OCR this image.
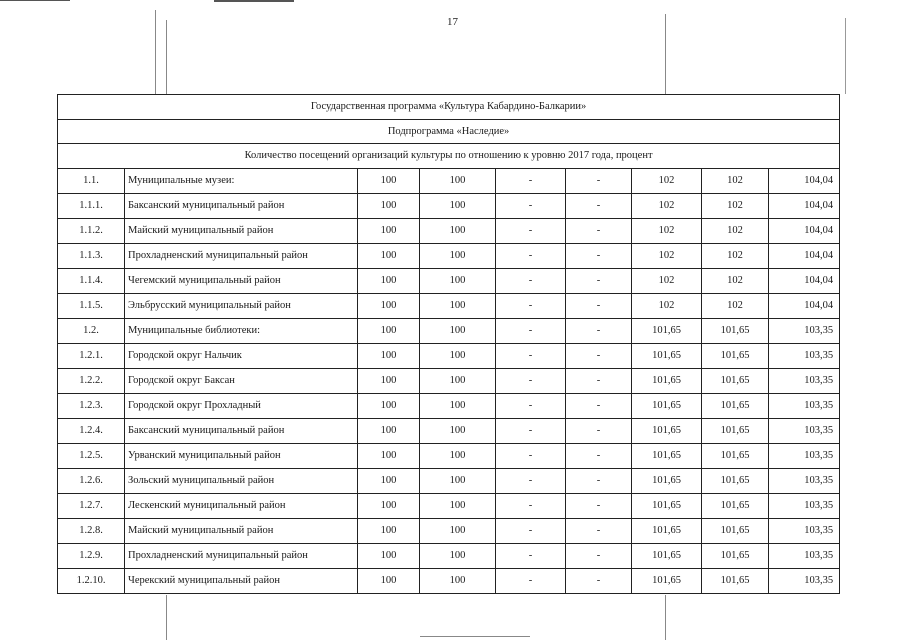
17
Государственная программа «Культура Кабардино-Балкарии»								
Подпрограмма «Наследие»								
Количество посещений организаций культуры по отношению к уровню 2017 года, процент								
1.1.	Муниципальные музеи:	100	100	-	-	102	102	104,04
1.1.1.	Баксанский муниципальный район	100	100	-	-	102	102	104,04
1.1.2.	Майский муниципальный район	100	100	-	-	102	102	104,04
1.1.3.	Прохладненский муниципальный район	100	100	-	-	102	102	104,04
1.1.4.	Чегемский муниципальный район	100	100	-	-	102	102	104,04
1.1.5.	Эльбрусский муниципальный район	100	100	-	-	102	102	104,04
1.2.	Муниципальные библиотеки:	100	100	-	-	101,65	101,65	103,35
1.2.1.	Городской округ Нальчик	100	100	-	-	101,65	101,65	103,35
1.2.2.	Городской округ Баксан	100	100	-	-	101,65	101,65	103,35
1.2.3.	Городской округ Прохладный	100	100	-	-	101,65	101,65	103,35
1.2.4.	Баксанский муниципальный район	100	100	-	-	101,65	101,65	103,35
1.2.5.	Урванский муниципальный район	100	100	-	-	101,65	101,65	103,35
1.2.6.	Зольский муниципальный район	100	100	-	-	101,65	101,65	103,35
1.2.7.	Лескенский муниципальный район	100	100	-	-	101,65	101,65	103,35
1.2.8.	Майский муниципальный район	100	100	-	-	101,65	101,65	103,35
1.2.9.	Прохладненский муниципальный район	100	100	-	-	101,65	101,65	103,35
1.2.10.	Черекский муниципальный район	100	100	-	-	101,65	101,65	103,35
